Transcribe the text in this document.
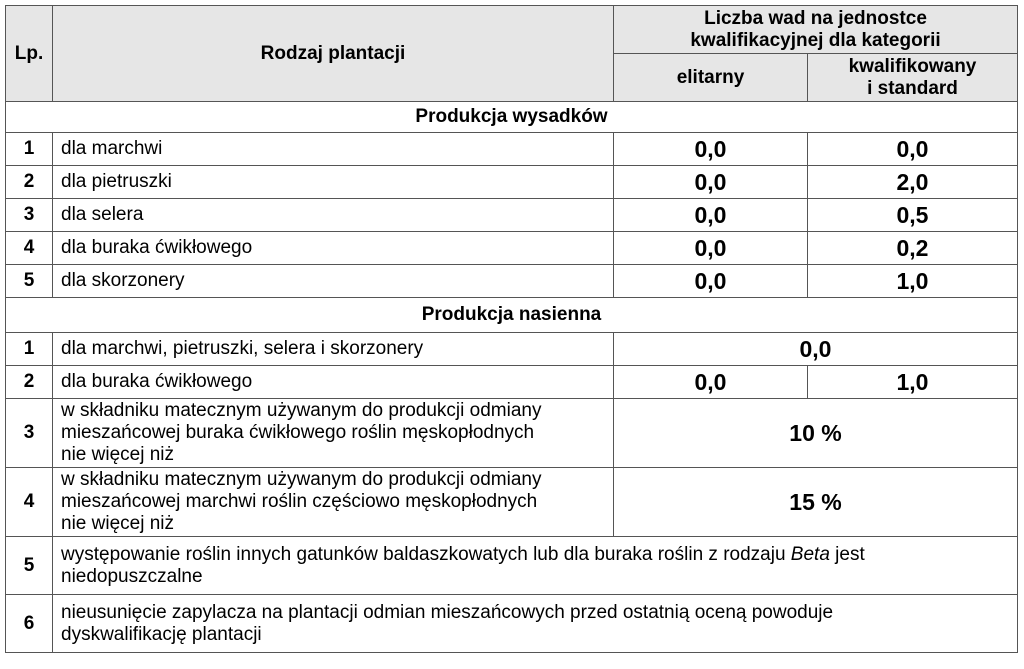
Lp.	Rodzaj plantacji	Liczba wad na jednostce
kwalifikacyjnej dla kategorii	

		elitarny	kwalifikowany
i standard

Produkcja wysadków			
1	dla marchwi	0,0	0,0
2	dla pietruszki	0,0	2,0
3	dla selera	0,0	0,5
4	dla buraka ćwikłowego	0,0	0,2
5	dla skorzonery	0,0	1,0
Produkcja nasienna			
1	dla marchwi, pietruszki, selera i skorzonery	0,0	
2	dla buraka ćwikłowego	0,0	1,0
3	w składniku matecznym używanym do produkcji odmiany
mieszańcowej buraka ćwikłowego roślin męskopłodnych
nie więcej niż	10 %	
4	w składniku matecznym używanym do produkcji odmiany
mieszańcowej marchwi roślin częściowo męskopłodnych
nie więcej niż	15 %	
5	występowanie roślin innych gatunków baldaszkowatych lub dla buraka roślin z rodzaju Beta jest
niedopuszczalne		

6	nieusunięcie zapylacza na plantacji odmian mieszańcowych przed ostatnią oceną powoduje
dyskwalifikację plantacji		
